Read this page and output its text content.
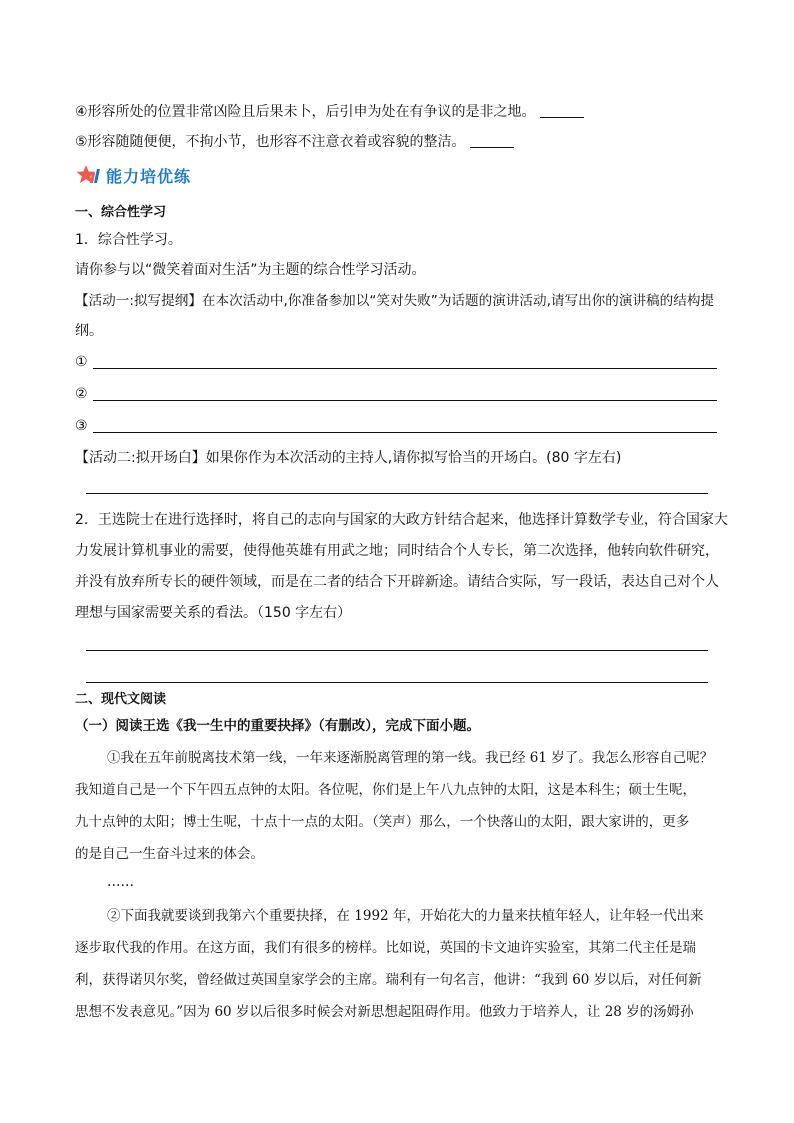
④形容所处的位置非常凶险且后果未卜，后引申为处在有争议的是非之地。
⑤形容随随便便，不拘小节，也形容不注意衣着或容貌的整洁。
能力培优练
一、综合性学习
1．综合性学习。
请你参与以“微笑着面对生活”为主题的综合性学习活动。
【活动一:拟写提纲】在本次活动中,你准备参加以“笑对失败”为话题的演讲活动,请写出你的演讲稿的结构提
纲。
①
②
③
【活动二:拟开场白】如果你作为本次活动的主持人,请你拟写恰当的开场白。(80 字左右)
2．王选院士在进行选择时，将自己的志向与国家的大政方针结合起来，他选择计算数学专业，符合国家大
力发展计算机事业的需要，使得他英雄有用武之地；同时结合个人专长，第二次选择，他转向软件研究，
并没有放弃所专长的硬件领域，而是在二者的结合下开辟新途。请结合实际，写一段话，表达自己对个人
理想与国家需要关系的看法。（150 字左右）
二、现代文阅读
（一）阅读王选《我一生中的重要抉择》（有删改），完成下面小题。
①我在五年前脱离技术第一线，一年来逐渐脱离管理的第一线。我已经 61 岁了。我怎么形容自己呢？
我知道自己是一个下午四五点钟的太阳。各位呢，你们是上午八九点钟的太阳，这是本科生；硕士生呢，
九十点钟的太阳；博士生呢，十点十一点的太阳。（笑声）那么，一个快落山的太阳，跟大家讲的，更多
的是自己一生奋斗过来的体会。
……
②下面我就要谈到我第六个重要抉择，在 1992 年，开始花大的力量来扶植年轻人，让年轻一代出来
逐步取代我的作用。在这方面，我们有很多的榜样。比如说，英国的卡文迪许实验室，其第二代主任是瑞
利，获得诺贝尔奖，曾经做过英国皇家学会的主席。瑞利有一句名言，他讲：“我到 60 岁以后，对任何新
思想不发表意见。”因为 60 岁以后很多时候会对新思想起阻碍作用。他致力于培养人，让 28 岁的汤姆孙
